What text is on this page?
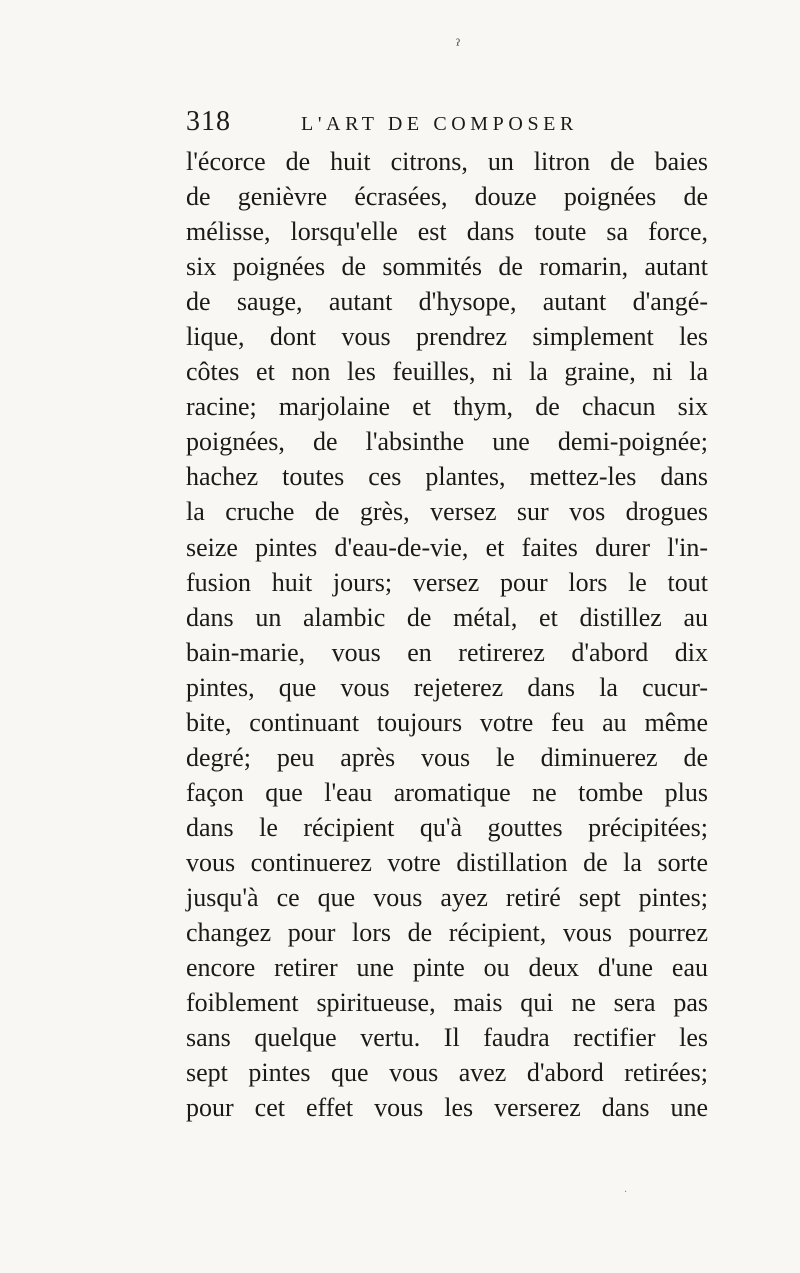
ˀ
318	L'ART DE COMPOSER
l'écorce de huit citrons, un litron de baies
de genièvre écrasées, douze poignées de
mélisse, lorsqu'elle est dans toute sa force,
six poignées de sommités de romarin, autant
de sauge, autant d'hysope, autant d'angé-
lique, dont vous prendrez simplement les
côtes et non les feuilles, ni la graine, ni la
racine; marjolaine et thym, de chacun six
poignées, de l'absinthe une demi-poignée;
hachez toutes ces plantes, mettez-les dans
la cruche de grès, versez sur vos drogues
seize pintes d'eau-de-vie, et faites durer l'in-
fusion huit jours; versez pour lors le tout
dans un alambic de métal, et distillez au
bain-marie, vous en retirerez d'abord dix
pintes, que vous rejeterez dans la cucur-
bite, continuant toujours votre feu au même
degré; peu après vous le diminuerez de
façon que l'eau aromatique ne tombe plus
dans le récipient qu'à gouttes précipitées;
vous continuerez votre distillation de la sorte
jusqu'à ce que vous ayez retiré sept pintes;
changez pour lors de récipient, vous pourrez
encore retirer une pinte ou deux d'une eau
foiblement spiritueuse, mais qui ne sera pas
sans quelque vertu. Il faudra rectifier les
sept pintes que vous avez d'abord retirées;
pour cet effet vous les verserez dans une
·
